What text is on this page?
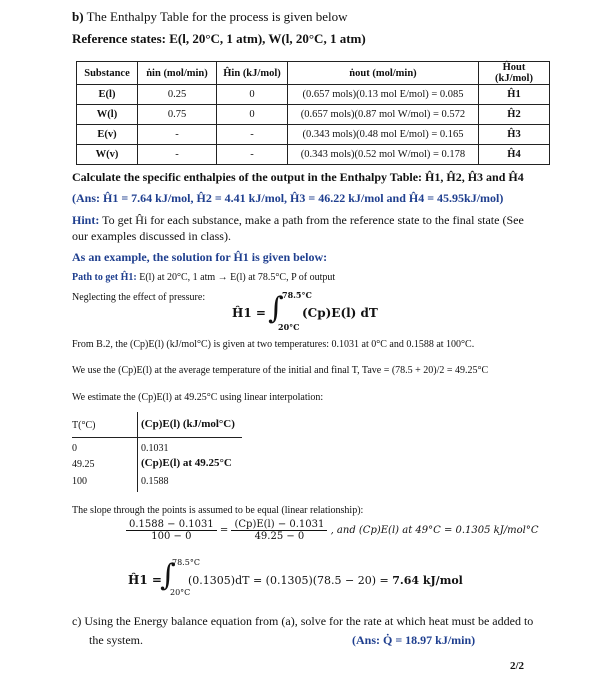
b) The Enthalpy Table for the process is given below
Reference states: E(l, 20°C, 1 atm), W(l, 20°C, 1 atm)
Substance	ṅin (mol/min)	Ĥin (kJ/mol)	ṅout (mol/min)	Ĥout (kJ/mol)
E(l)	0.25	0	(0.657 mols)(0.13 mol E/mol) = 0.085	Ĥ1
W(l)	0.75	0	(0.657 mols)(0.87 mol W/mol) = 0.572	Ĥ2
E(v)	-	-	(0.343 mols)(0.48 mol E/mol) = 0.165	Ĥ3
W(v)	-	-	(0.343 mols)(0.52 mol W/mol) = 0.178	Ĥ4
Calculate the specific enthalpies of the output in the Enthalpy Table: Ĥ1, Ĥ2, Ĥ3 and Ĥ4
(Ans: Ĥ1 = 7.64 kJ/mol, Ĥ2 = 4.41 kJ/mol, Ĥ3 = 46.22 kJ/mol and Ĥ4 = 45.95kJ/mol)
Hint: To get Ĥi for each substance, make a path from the reference state to the final state (See
our examples discussed in class).
As an example, the solution for Ĥ1 is given below:
Path to get Ĥ1: E(l) at 20°C, 1 atm → E(l) at 78.5°C, P of output
Neglecting the effect of pressure:
Ĥ1 = ∫
78.5°C
20°C
(Cp)E(l) dT
From B.2, the (Cp)E(l) (kJ/mol°C) is given at two temperatures: 0.1031 at 0°C and 0.1588 at 100°C.
We use the (Cp)E(l) at the average temperature of the initial and final T, Tave = (78.5 + 20)/2 = 49.25°C
We estimate the (Cp)E(l) at 49.25°C using linear interpolation:
T(°C)	(Cp)E(l) (kJ/mol°C)
0	0.1031
49.25	(Cp)E(l) at 49.25°C
100	0.1588
The slope through the points is assumed to be equal (linear relationship):
$\frac{0.1588 - 0.1031}{100 - 0} = \frac{(Cp)E(l) - 0.1031}{49.25 - 0}$ , and (Cp)E(l) at 49°C = 0.1305 kJ/mol°C
Ĥ1 =
∫
78.5°C
20°C
(0.1305)dT = (0.1305)(78.5 − 20) = 7.64 kJ/mol
c) Using the Energy balance equation from (a), solve for the rate at which heat must be added to
the system.	(Ans: Q̇ = 18.97 kJ/min)
2/2
